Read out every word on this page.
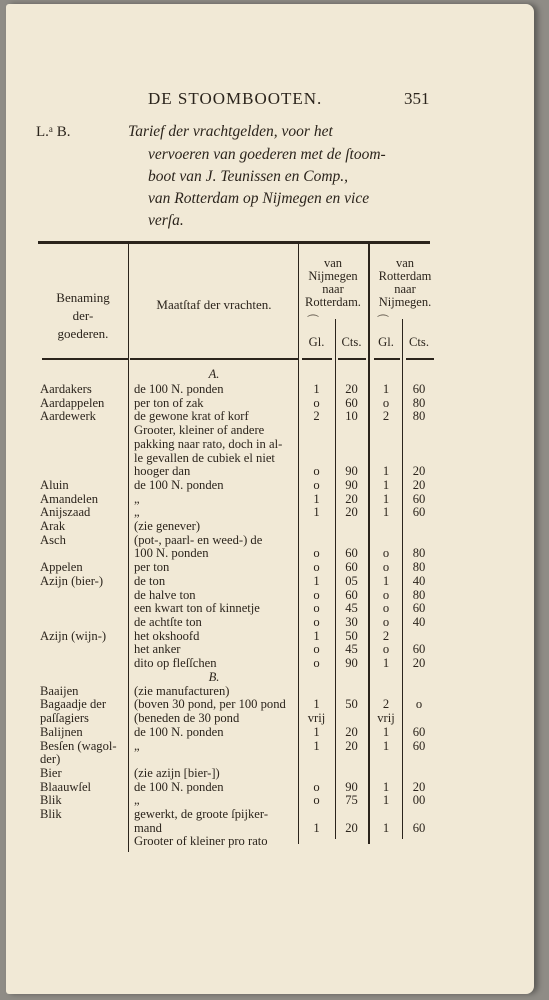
DE STOOMBOOTEN.	351
L.ᵃ B.	Tarief der vrachtgelden, voor het
vervoeren van goederen met de ſtoom-
boot van J. Teunissen en Comp.,
van Rotterdam op Nijmegen en vice
verſa.
Benaming
der-
goederen.
Maatſtaf der vrachten.
van
Nijmegen
naar
Rotterdam.
van
Rotterdam
naar
Nijmegen.
⏜	⏜
Gl.	Cts.	Gl.	Cts.
A.
Aardakers	de 100 N. ponden	1	20	1	60
Aardappelen	per ton of zak	o	60	o	80
Aardewerk	de gewone krat of korf	2	10	2	80
Grooter, kleiner of andere
pakking naar rato, doch in al-
le gevallen de cubiek el niet
hooger dan	o	90	1	20
Aluin	de 100 N. ponden	o	90	1	20
Amandelen	„	1	20	1	60
Anijszaad	„	1	20	1	60
Arak	(zie genever)
Asch	(pot-, paarl- en weed-) de
100 N. ponden	o	60	o	80
Appelen	per ton	o	60	o	80
Azijn (bier-)	de ton	1	05	1	40
de halve ton	o	60	o	80
een kwart ton of kinnetje	o	45	o	60
de achtſte ton	o	30	o	40
Azijn (wijn-)	het okshoofd	1	50	2
het anker	o	45	o	60
dito op fleſſchen	o	90	1	20
Baaijen	(zie manufacturen)
Bagaadje der	(boven 30 pond, per 100 pond	1	50	2	o
paſſagiers	(beneden de 30 pond	vrij	vrij
Balijnen	de 100 N. ponden	1	20	1	60
Besſen (wagol-	„	1	20	1	60
der)
Bier	(zie azijn [bier-])
Blaauwſel	de 100 N. ponden	o	90	1	20
Blik	„	o	75	1	00
Blik	gewerkt, de groote ſpijker-
mand	1	20	1	60
Grooter of kleiner pro rato
B.
